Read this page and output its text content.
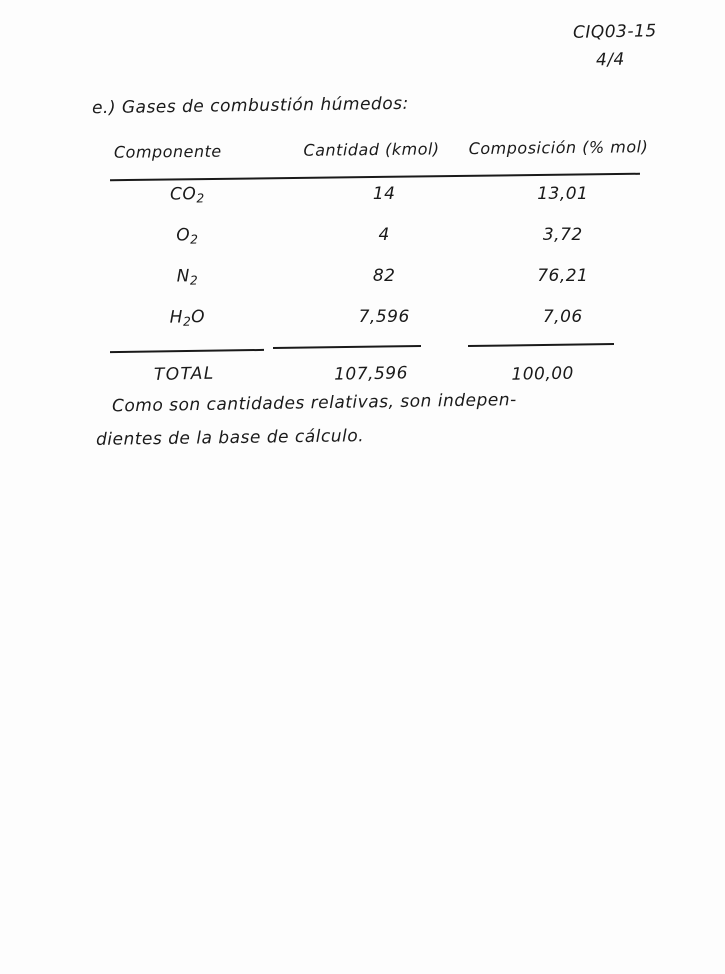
CIQ03-15
4/4
e.) Gases de combustión húmedos:
Componente	Cantidad (kmol)	Composición (% mol)
$CO_2$	14	13,01
$O_2$	4	3,72
$N_2$	82	76,21
$H_2O$	7,596	7,06
TOTAL	107,596	100,00
Como son cantidades relativas, son indepen-
dientes de la base de cálculo.
